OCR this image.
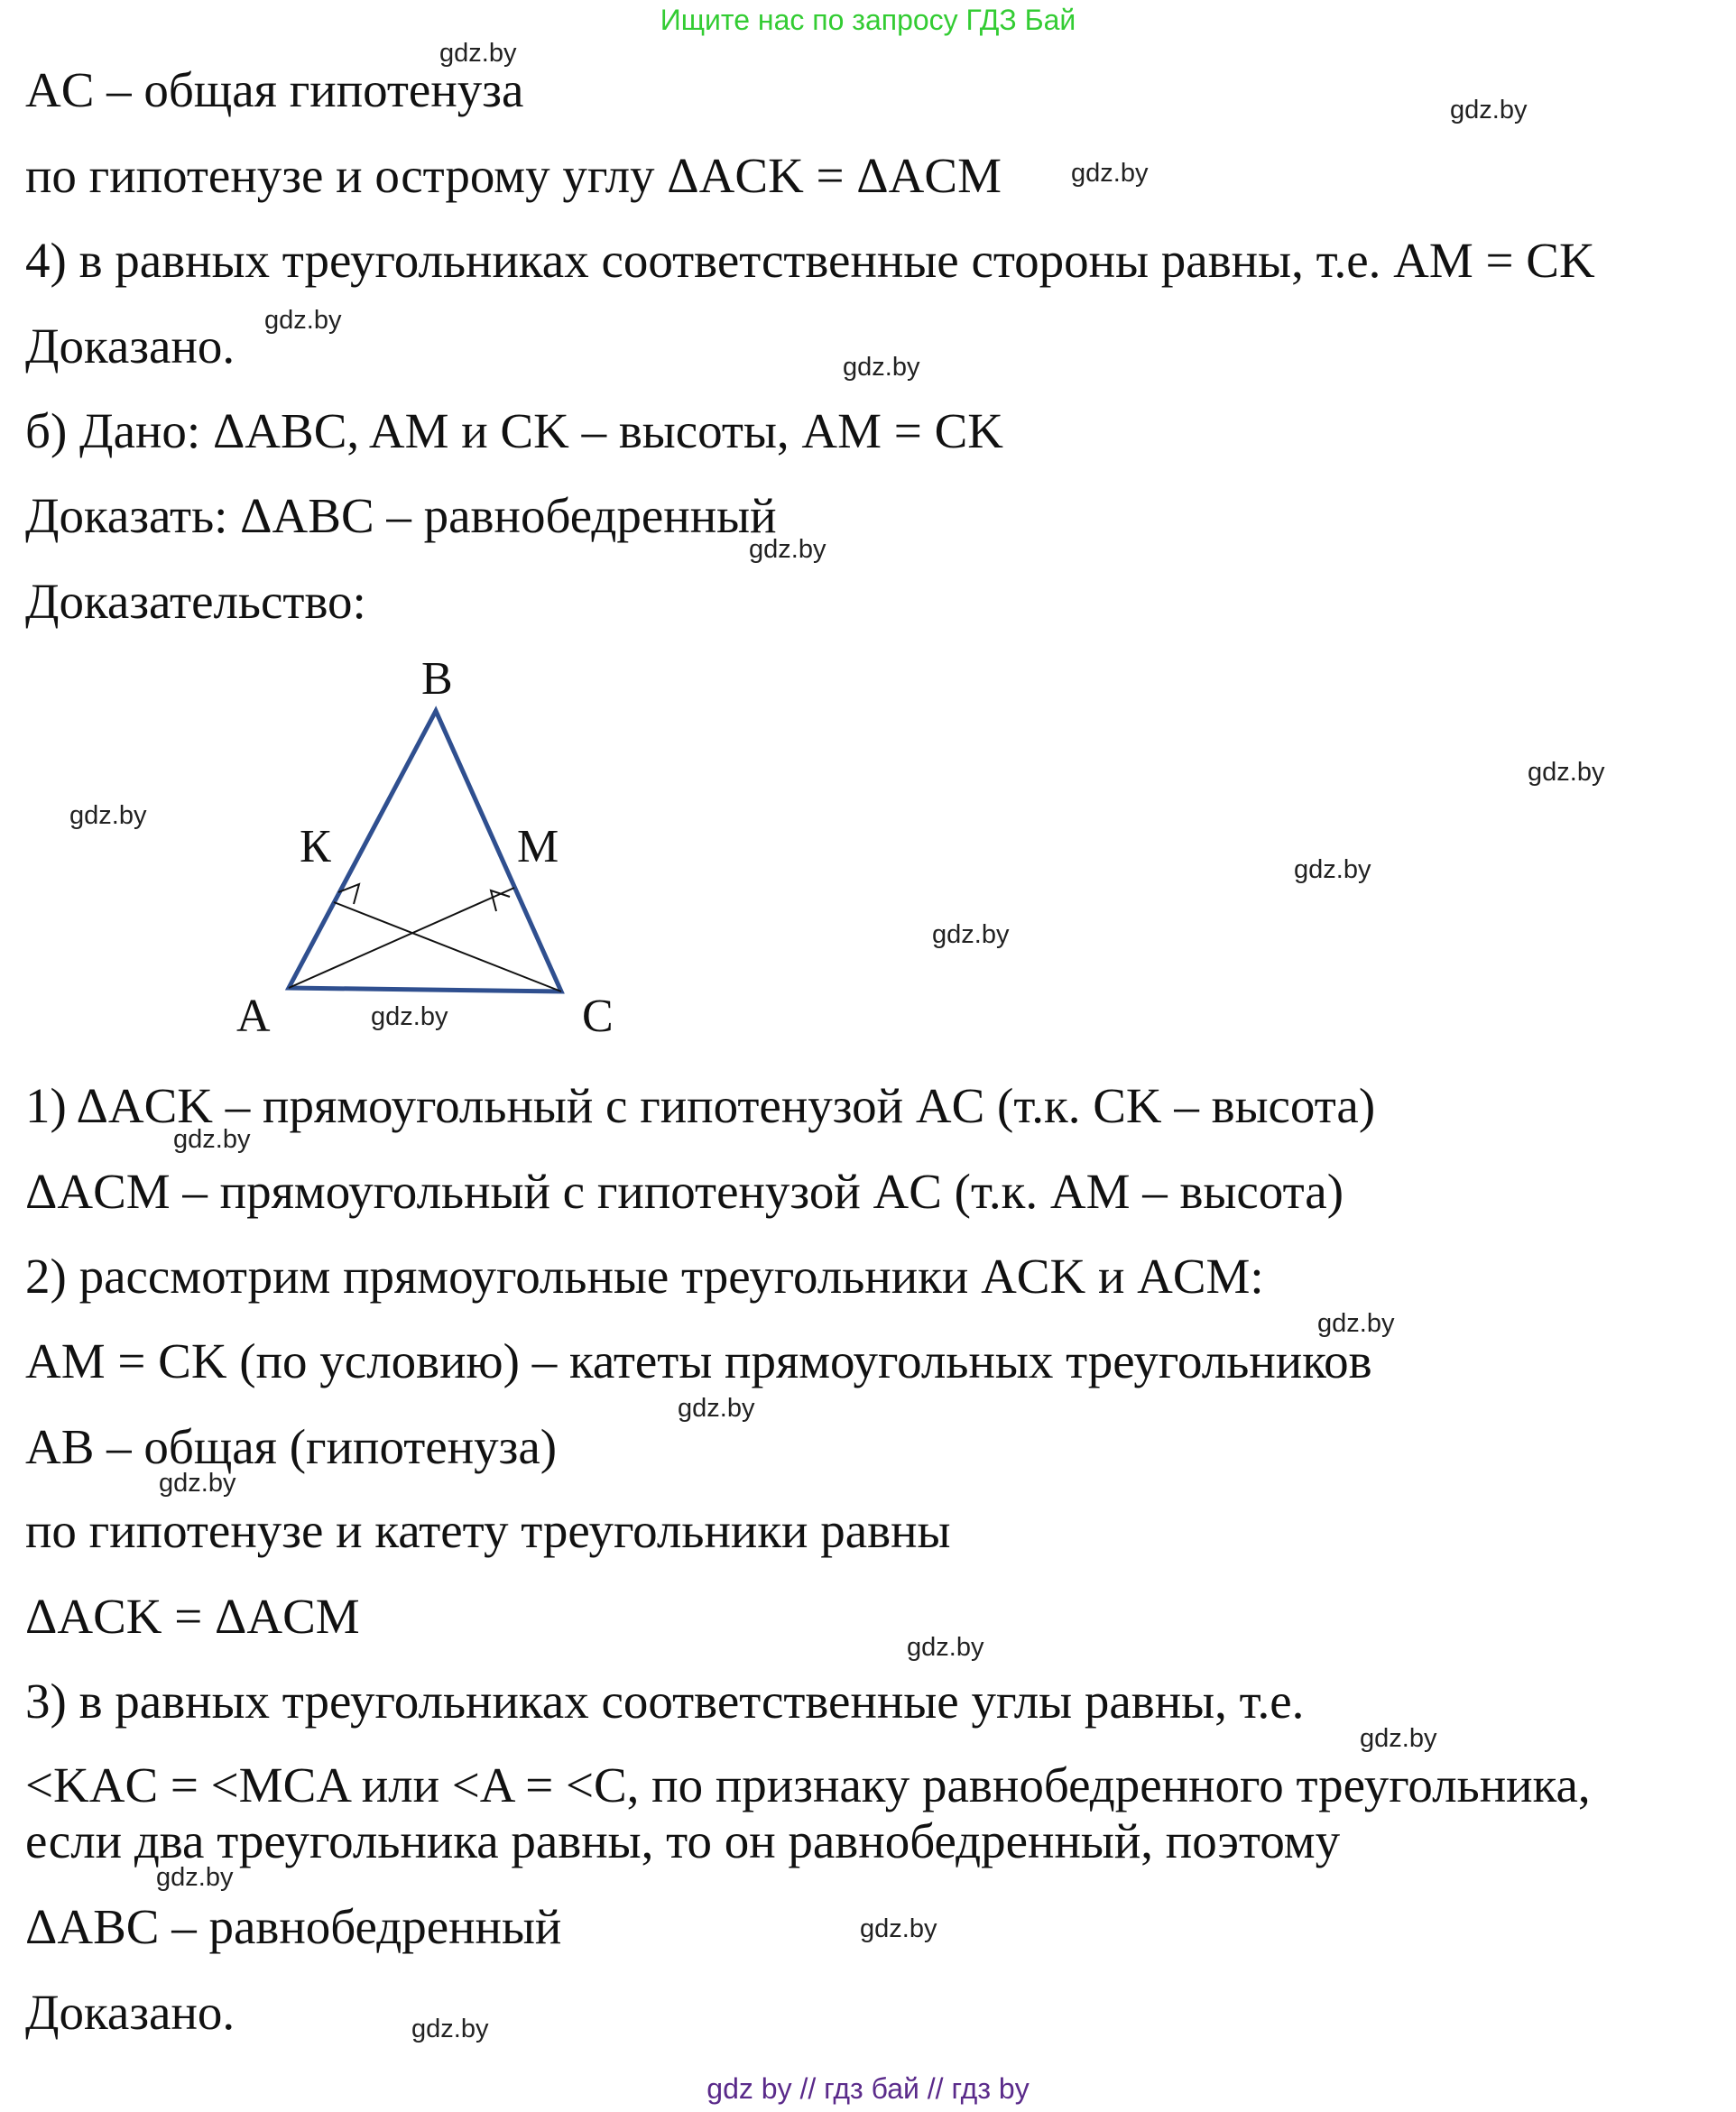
Ищите нас по запросу ГДЗ Бай
AC – общая гипотенуза
по гипотенузе и острому углу ΔACK = ΔACM
4) в равных треугольниках соответственные стороны равны, т.е. AM = CK
Доказано.
б) Дано: ΔABC, AM и CK – высоты, AM = CK
Доказать: ΔABC – равнобедренный
Доказательство:
1) ΔACK – прямоугольный с гипотенузой AC (т.к. CK – высота)
ΔACM – прямоугольный с гипотенузой AC (т.к. AM – высота)
2) рассмотрим прямоугольные треугольники ACK и ACM:
AM = CK (по условию) – катеты прямоугольных треугольников
AB – общая (гипотенуза)
по гипотенузе и катету треугольники равны
ΔACK = ΔACM
3) в равных треугольниках соответственные углы равны, т.е.
<KAC = <MCA или <A = <C, по признаку равнобедренного треугольника,
если два треугольника равны, то он равнобедренный, поэтому
ΔABC – равнобедренный
Доказано.
B
К	M
A	C
gdz.by
gdz.by
gdz.by
gdz.by
gdz.by
gdz.by
gdz.by
gdz.by
gdz.by
gdz.by
gdz.by
gdz.by
gdz.by
gdz.by
gdz.by
gdz.by
gdz.by
gdz.by
gdz.by
gdz.by
gdz by // гдз бай // гдз by
